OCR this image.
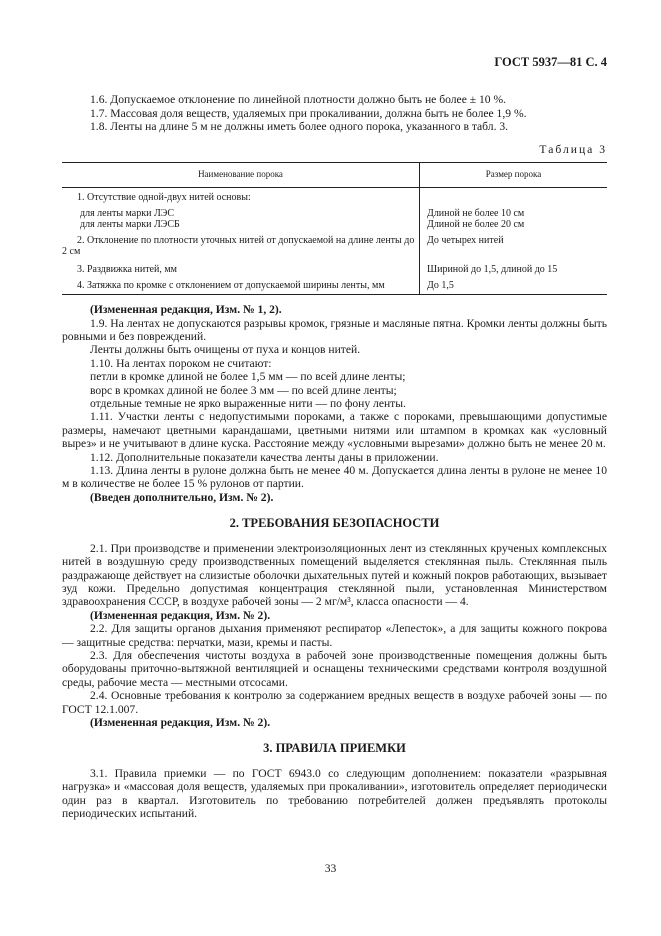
ГОСТ 5937—81 С. 4

1.6. Допускаемое отклонение по линейной плотности должно быть не более ± 10 %.

1.7. Массовая доля веществ, удаляемых при прокаливании, должна быть не более 1,9 %.

1.8. Ленты на длине 5 м не должны иметь более одного порока, указанного в табл. 3.

Таблица 3
Наименование порока	Размер порока

1. Отсутствие одной-двух нитей основы:	

для ленты марки ЛЭС	Длиной не более 10 см

для ленты марки ЛЭСБ	Длиной не более 20 см

2. Отклонение по плотности уточных нитей от допускаемой на длине ленты до 2 см	До четырех нитей

3. Раздвижка нитей, мм	Шириной до 1,5, длиной до 15

4. Затяжка по кромке с отклонением от допускаемой ширины ленты, мм	До 1,5

(Измененная редакция, Изм. № 1, 2).

1.9. На лентах не допускаются разрывы кромок, грязные и масляные пятна. Кромки ленты должны быть ровными и без повреждений.

Ленты должны быть очищены от пуха и концов нитей.

1.10. На лентах пороком не считают:

петли в кромке длиной не более 1,5 мм — по всей длине ленты;

ворс в кромках длиной не более 3 мм — по всей длине ленты;

отдельные темные не ярко выраженные нити — по фону ленты.

1.11. Участки ленты с недопустимыми пороками, а также с пороками, превышающими допустимые размеры, намечают цветными карандашами, цветными нитями или штампом в кромках как «условный вырез» и не учитывают в длине куска. Расстояние между «условными вырезами» должно быть не менее 20 м.

1.12. Дополнительные показатели качества ленты даны в приложении.

1.13. Длина ленты в рулоне должна быть не менее 40 м. Допускается длина ленты в рулоне не менее 10 м в количестве не более 15 % рулонов от партии.

(Введен дополнительно, Изм. № 2).

2. ТРЕБОВАНИЯ БЕЗОПАСНОСТИ

2.1. При производстве и применении электроизоляционных лент из стеклянных крученых комплексных нитей в воздушную среду производственных помещений выделяется стеклянная пыль. Стеклянная пыль раздражающе действует на слизистые оболочки дыхательных путей и кожный покров работающих, вызывает зуд кожи. Предельно допустимая концентрация стеклянной пыли, установленная Министерством здравоохранения СССР, в воздухе рабочей зоны — 2 мг/м³, класса опасности — 4.

(Измененная редакция, Изм. № 2).

2.2. Для защиты органов дыхания применяют респиратор «Лепесток», а для защиты кожного покрова — защитные средства: перчатки, мази, кремы и пасты.

2.3. Для обеспечения чистоты воздуха в рабочей зоне производственные помещения должны быть оборудованы приточно-вытяжной вентиляцией и оснащены техническими средствами контроля воздушной среды, рабочие места — местными отсосами.

2.4. Основные требования к контролю за содержанием вредных веществ в воздухе рабочей зоны — по ГОСТ 12.1.007.

(Измененная редакция, Изм. № 2).

3. ПРАВИЛА ПРИЕМКИ

3.1. Правила приемки — по ГОСТ 6943.0 со следующим дополнением: показатели «разрывная нагрузка» и «массовая доля веществ, удаляемых при прокаливании», изготовитель определяет периодически один раз в квартал. Изготовитель по требованию потребителей должен предъявлять протоколы периодических испытаний.

33
